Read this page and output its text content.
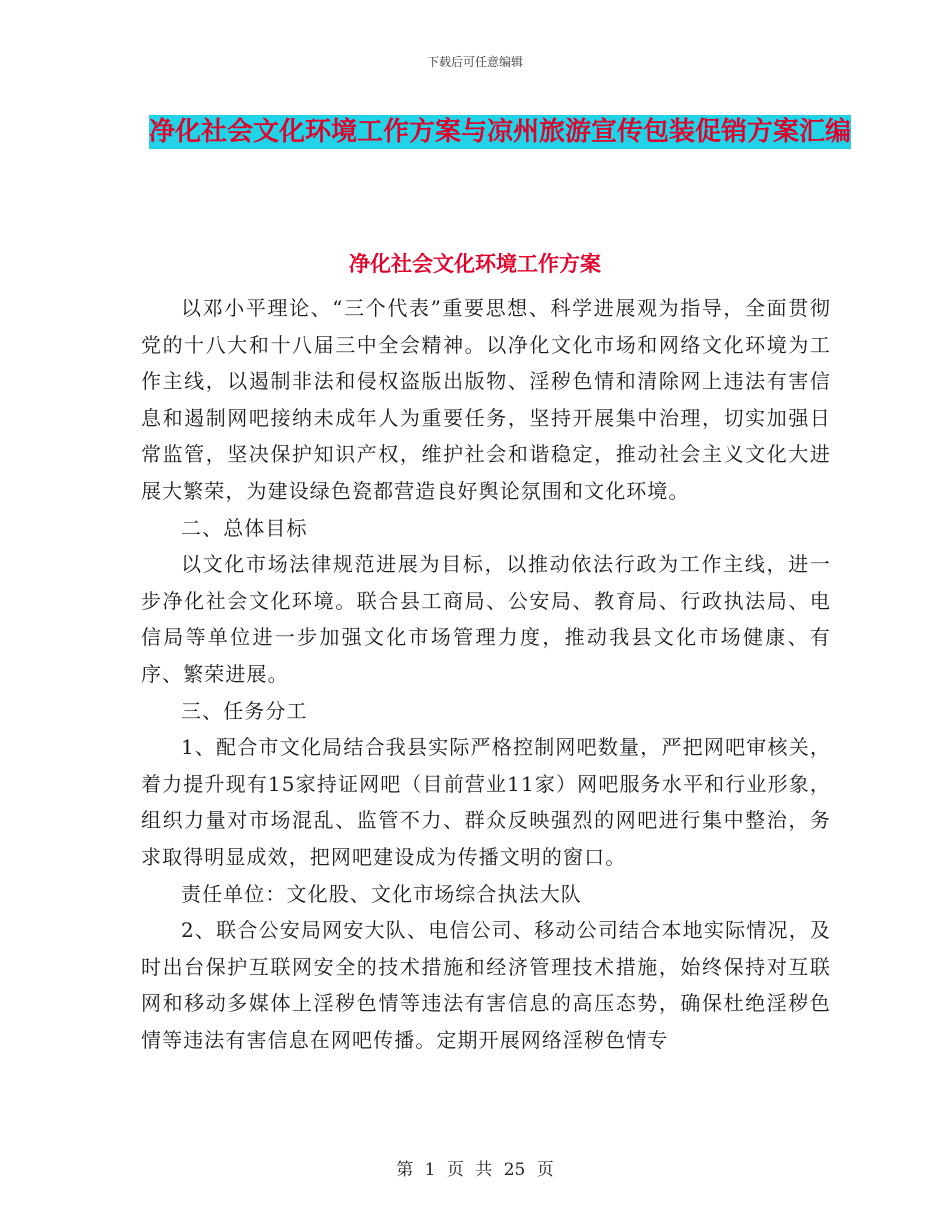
下载后可任意编辑
净化社会文化环境工作方案与凉州旅游宣传包装促销方案汇编
净化社会文化环境工作方案

以邓小平理论、“三个代表”重要思想、科学进展观为指导，全面贯彻党的十八大和十八届三中全会精神。以净化文化市场和网络文化环境为工作主线，以遏制非法和侵权盗版出版物、淫秽色情和清除网上违法有害信息和遏制网吧接纳未成年人为重要任务，坚持开展集中治理，切实加强日常监管，坚决保护知识产权，维护社会和谐稳定，推动社会主义文化大进展大繁荣，为建设绿色瓷都营造良好舆论氛围和文化环境。

二、总体目标

以文化市场法律规范进展为目标，以推动依法行政为工作主线，进一步净化社会文化环境。联合县工商局、公安局、教育局、行政执法局、电信局等单位进一步加强文化市场管理力度，推动我县文化市场健康、有序、繁荣进展。

三、任务分工

1、配合市文化局结合我县实际严格控制网吧数量，严把网吧审核关，着力提升现有15家持证网吧（目前营业11家）网吧服务水平和行业形象，组织力量对市场混乱、监管不力、群众反映强烈的网吧进行集中整治，务求取得明显成效，把网吧建设成为传播文明的窗口。

责任单位：文化股、文化市场综合执法大队

2、联合公安局网安大队、电信公司、移动公司结合本地实际情况，及时出台保护互联网安全的技术措施和经济管理技术措施，始终保持对互联网和移动多媒体上淫秽色情等违法有害信息的高压态势，确保杜绝淫秽色情等违法有害信息在网吧传播。定期开展网络淫秽色情专

第 1 页 共 25 页
